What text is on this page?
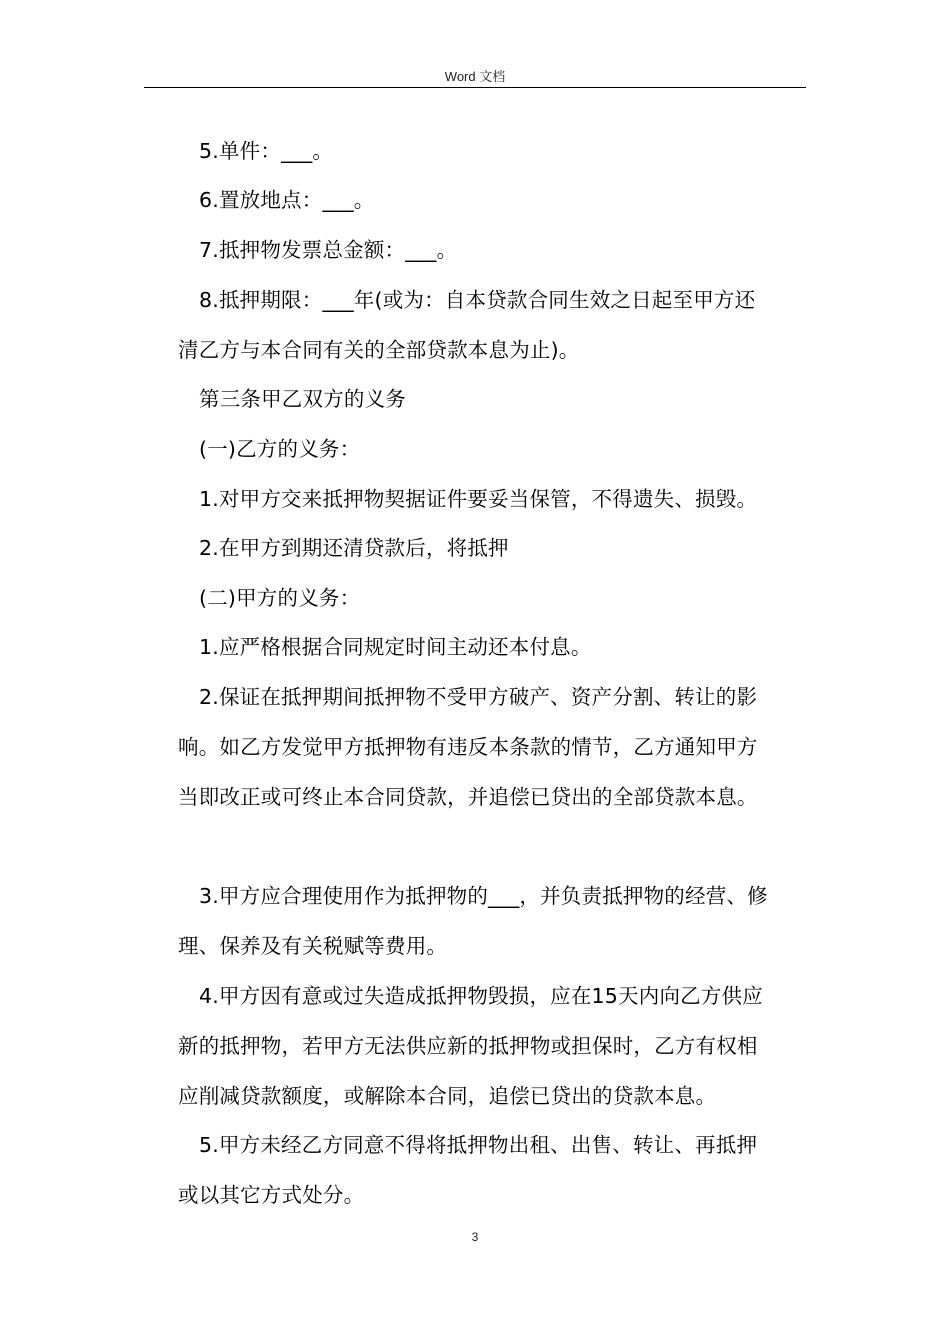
Word 文档
5.单件：___。
6.置放地点：___。
7.抵押物发票总金额：___。
8.抵押期限：___年(或为：自本贷款合同生效之日起至甲方还
清乙方与本合同有关的全部贷款本息为止)。
第三条甲乙双方的义务
(一)乙方的义务：
1.对甲方交来抵押物契据证件要妥当保管，不得遗失、损毁。
2.在甲方到期还清贷款后，将抵押
(二)甲方的义务：
1.应严格根据合同规定时间主动还本付息。
2.保证在抵押期间抵押物不受甲方破产、资产分割、转让的影
响。如乙方发觉甲方抵押物有违反本条款的情节，乙方通知甲方
当即改正或可终止本合同贷款，并追偿已贷出的全部贷款本息。
3.甲方应合理使用作为抵押物的___，并负责抵押物的经营、修
理、保养及有关税赋等费用。
4.甲方因有意或过失造成抵押物毁损，应在15天内向乙方供应
新的抵押物，若甲方无法供应新的抵押物或担保时，乙方有权相
应削减贷款额度，或解除本合同，追偿已贷出的贷款本息。
5.甲方未经乙方同意不得将抵押物出租、出售、转让、再抵押
或以其它方式处分。
3
